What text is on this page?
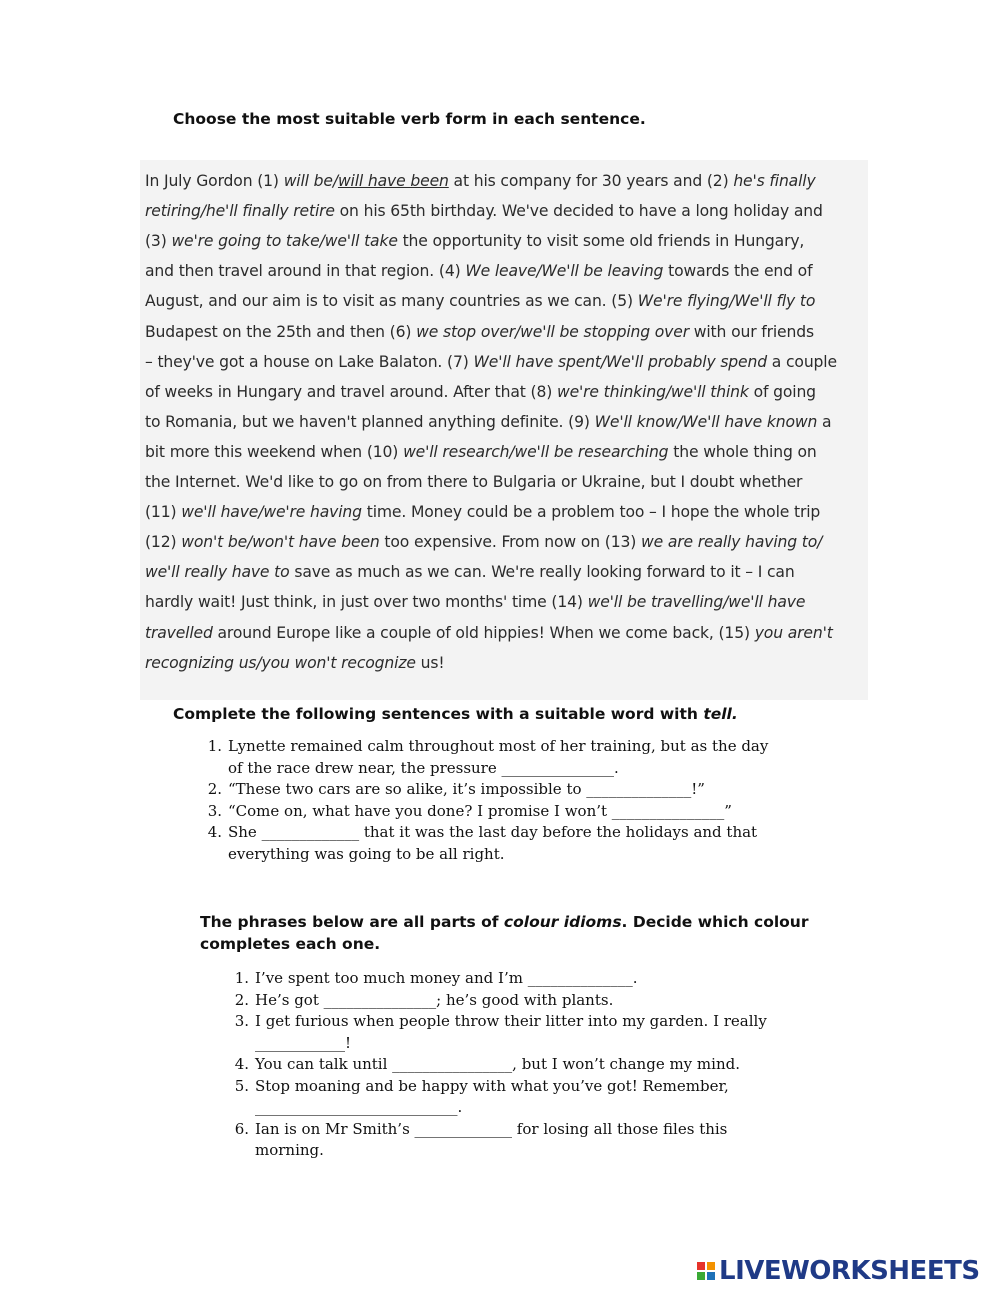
Choose the most suitable verb form in each sentence.
In July Gordon (1) will be/will have been at his company for 30 years and (2) he's finally
retiring/he'll finally retire on his 65th birthday. We've decided to have a long holiday and
(3) we're going to take/we'll take the opportunity to visit some old friends in Hungary,
and then travel around in that region. (4) We leave/We'll be leaving towards the end of
August, and our aim is to visit as many countries as we can. (5) We're flying/We'll fly to
Budapest on the 25th and then (6) we stop over/we'll be stopping over with our friends
– they've got a house on Lake Balaton. (7) We'll have spent/We'll probably spend a couple
of weeks in Hungary and travel around. After that (8) we're thinking/we'll think of going
to Romania, but we haven't planned anything definite. (9) We'll know/We'll have known a
bit more this weekend when (10) we'll research/we'll be researching the whole thing on
the Internet. We'd like to go on from there to Bulgaria or Ukraine, but I doubt whether
(11) we'll have/we're having time. Money could be a problem too – I hope the whole trip
(12) won't be/won't have been too expensive. From now on (13) we are really having to/
we'll really have to save as much as we can. We're really looking forward to it – I can
hardly wait! Just think, in just over two months' time (14) we'll be travelling/we'll have
travelled around Europe like a couple of old hippies! When we come back, (15) you aren't
recognizing us/you won't recognize us!
Complete the following sentences with a suitable word with tell.
1. Lynette remained calm throughout most of her training, but as the day
of the race drew near, the pressure _______________.
2. “These two cars are so alike, it’s impossible to ______________!”
3. “Come on, what have you done? I promise I won’t _______________”
4. She _____________ that it was the last day before the holidays and that
everything was going to be all right.
The phrases below are all parts of colour idioms. Decide which colour
completes each one.
1. I’ve spent too much money and I’m ______________.
2. He’s got _______________; he’s good with plants.
3. I get furious when people throw their litter into my garden. I really
____________!
4. You can talk until ________________, but I won’t change my mind.
5. Stop moaning and be happy with what you’ve got! Remember,
___________________________.
6. Ian is on Mr Smith’s _____________ for losing all those files this
morning.
LIVEWORKSHEETS
